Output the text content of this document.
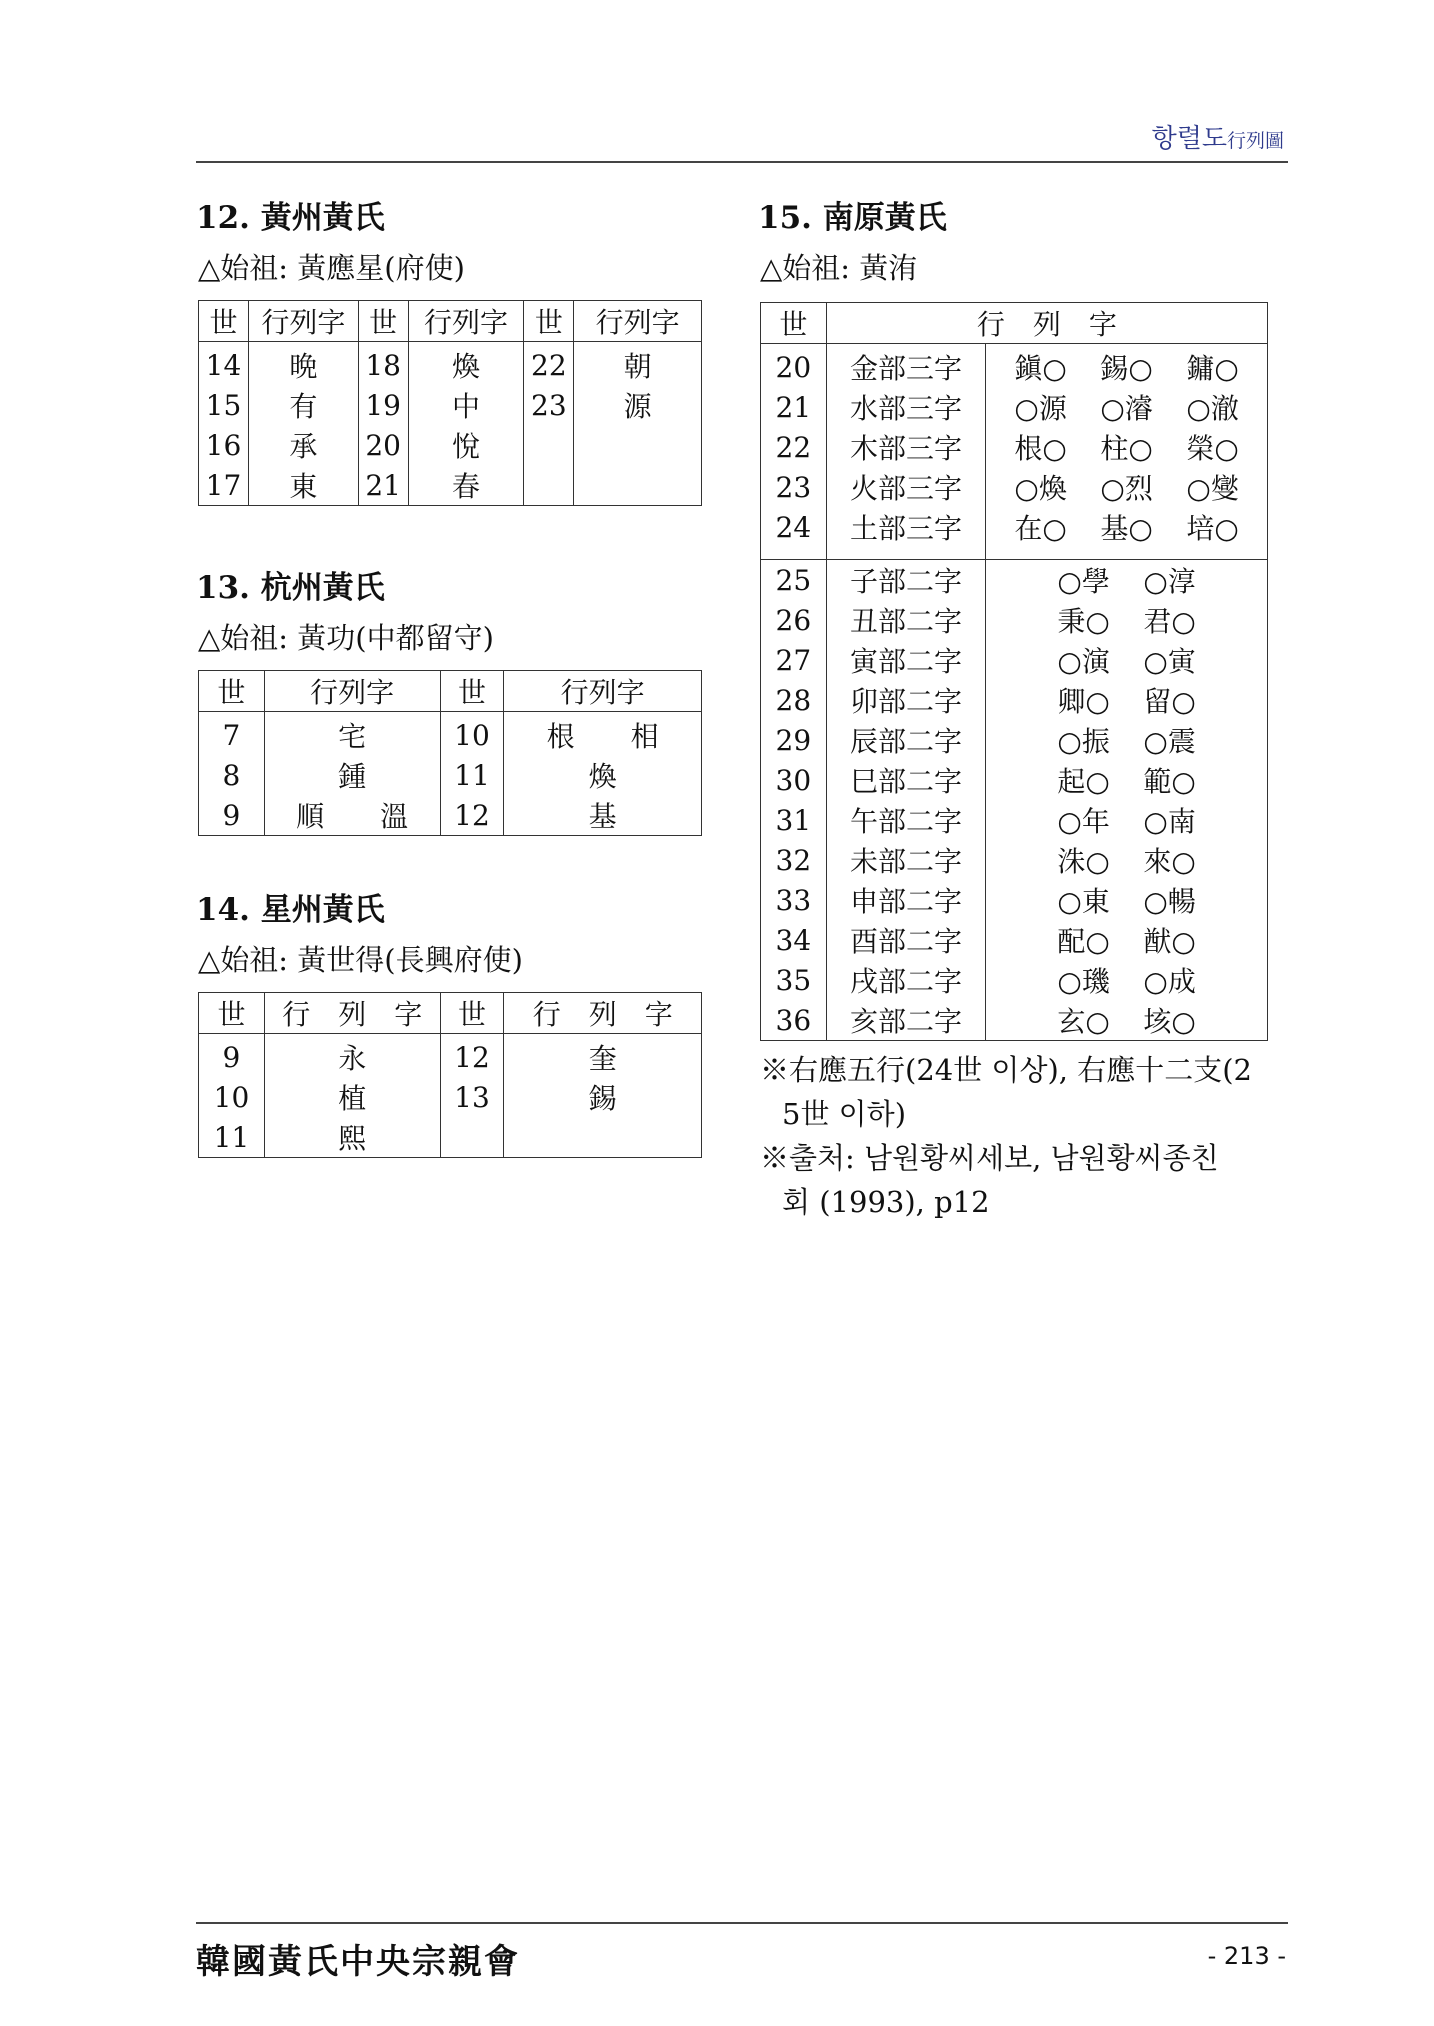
항렬도行列圖
12. 黃州黃氏
△始祖: 黃應星(府使)
世	行列字	世	行列字	世	行列字
14	晩	18	煥	22	朝
15	有	19	中	23	源
16	承	20	悅		
17	東	21	春		
13. 杭州黃氏
△始祖: 黃功(中都留守)
世	行列字	世	行列字
7	宅	10	根　　相
8	鍾	11	煥
9	順　　溫	12	基
14. 星州黃氏
△始祖: 黃世得(長興府使)
世	行　列　字	世	行　列　字
9	永	12	奎
10	植	13	錫
11	熙		
15. 南原黃氏
△始祖: 黃洧
世	行　列　字	
20	金部三字	鎭○ 錫○ 鏞○
21	水部三字	○源 ○濬 ○澈
22	木部三字	根○ 柱○ 榮○
23	火部三字	○煥 ○烈 ○燮
24	土部三字	在○ 基○ 培○

25	子部二字	○學 ○淳
26	丑部二字	秉○ 君○
27	寅部二字	○演 ○寅
28	卯部二字	卿○ 留○
29	辰部二字	○振 ○震
30	巳部二字	起○ 範○
31	午部二字	○年 ○南
32	未部二字	洙○ 來○
33	申部二字	○東 ○暢
34	酉部二字	配○ 猷○
35	戌部二字	○璣 ○成
36	亥部二字	玄○ 垓○
※右應五行(24世 이상), 右應十二支(2
5世 이하)
※출처: 남원황씨세보, 남원황씨종친
회 (1993), p12
韓國黃氏中央宗親會	- 213 -
